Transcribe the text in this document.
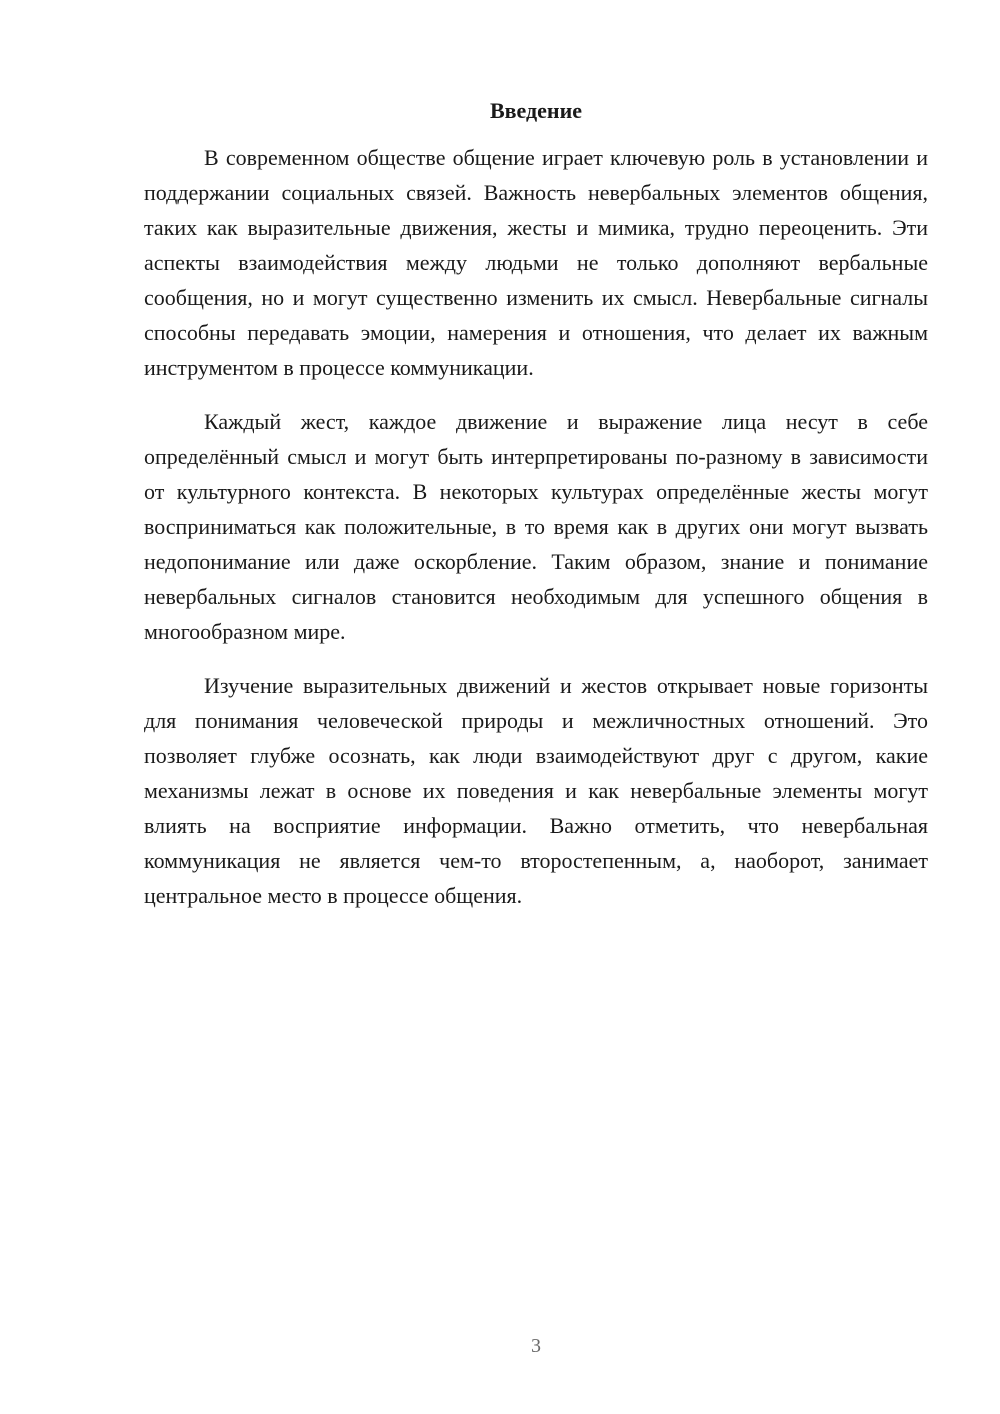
Введение

В современном обществе общение играет ключевую роль в установлении и поддержании социальных связей. Важность невербальных элементов общения, таких как выразительные движения, жесты и мимика, трудно переоценить. Эти аспекты взаимодействия между людьми не только дополняют вербальные сообщения, но и могут существенно изменить их смысл. Невербальные сигналы способны передавать эмоции, намерения и отношения, что делает их важным инструментом в процессе коммуникации.

Каждый жест, каждое движение и выражение лица несут в себе определённый смысл и могут быть интерпретированы по-разному в зависимости от культурного контекста. В некоторых культурах определённые жесты могут восприниматься как положительные, в то время как в других они могут вызвать недопонимание или даже оскорбление. Таким образом, знание и понимание невербальных сигналов становится необходимым для успешного общения в многообразном мире.

Изучение выразительных движений и жестов открывает новые горизонты для понимания человеческой природы и межличностных отношений. Это позволяет глубже осознать, как люди взаимодействуют друг с другом, какие механизмы лежат в основе их поведения и как невербальные элементы могут влиять на восприятие информации. Важно отметить, что невербальная коммуникация не является чем-то второстепенным, а, наоборот, занимает центральное место в процессе общения.

3
